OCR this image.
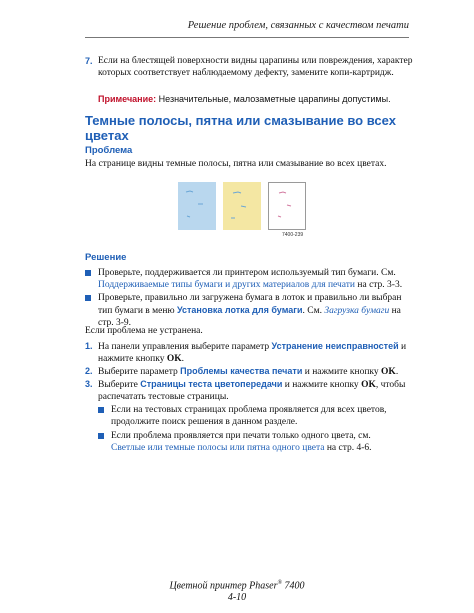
Решение проблем, связанных с качеством печати
7. Если на блестящей поверхности видны царапины или повреждения, характер
которых соответствует наблюдаемому дефекту, замените копи-картридж.
Примечание: Незначительные, малозаметные царапины допустимы.
Темные полосы, пятна или смазывание во всех цветах
Проблема
На странице видны темные полосы, пятна или смазывание во всех цветах.
7400-239
Решение
Проверьте, поддерживается ли принтером используемый тип бумаги. См.
Поддерживаемые типы бумаги и других материалов для печати на стр. 3-3.
Проверьте, правильно ли загружена бумага в лоток и правильно ли выбран
тип бумаги в меню Установка лотка для бумаги. См. Загрузка бумаги на
стр. 3-9.
Если проблема не устранена.
1. На панели управления выберите параметр Устранение неисправностей и
нажмите кнопку OK.
2. Выберите параметр Проблемы качества печати и нажмите кнопку OK.
3. Выберите Страницы теста цветопередачи и нажмите кнопку OK, чтобы
распечатать тестовые страницы.
Если на тестовых страницах проблема проявляется для всех цветов,
продолжите поиск решения в данном разделе.
Если проблема проявляется при печати только одного цвета, см.
Светлые или темные полосы или пятна одного цвета на стр. 4-6.
Цветной принтер Phaser® 7400
4-10
